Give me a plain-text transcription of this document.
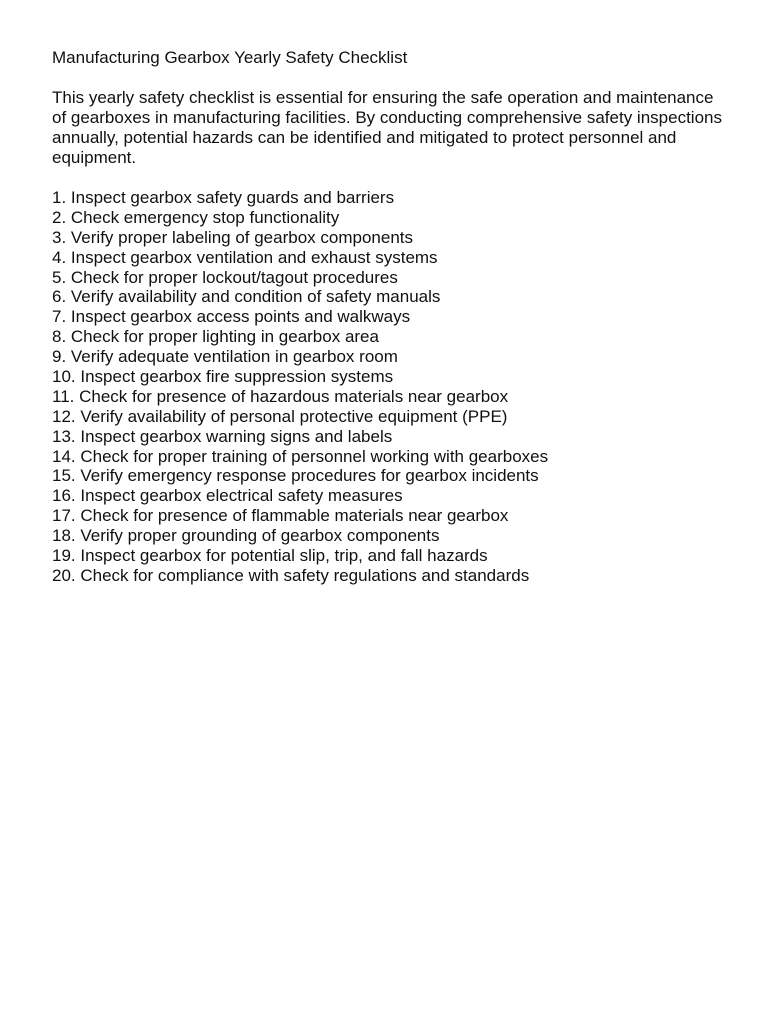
Manufacturing Gearbox Yearly Safety Checklist

This yearly safety checklist is essential for ensuring the safe operation and maintenance of gearboxes in manufacturing facilities. By conducting comprehensive safety inspections annually, potential hazards can be identified and mitigated to protect personnel and equipment.

1. Inspect gearbox safety guards and barriers
2. Check emergency stop functionality
3. Verify proper labeling of gearbox components
4. Inspect gearbox ventilation and exhaust systems
5. Check for proper lockout/tagout procedures
6. Verify availability and condition of safety manuals
7. Inspect gearbox access points and walkways
8. Check for proper lighting in gearbox area
9. Verify adequate ventilation in gearbox room
10. Inspect gearbox fire suppression systems
11. Check for presence of hazardous materials near gearbox
12. Verify availability of personal protective equipment (PPE)
13. Inspect gearbox warning signs and labels
14. Check for proper training of personnel working with gearboxes
15. Verify emergency response procedures for gearbox incidents
16. Inspect gearbox electrical safety measures
17. Check for presence of flammable materials near gearbox
18. Verify proper grounding of gearbox components
19. Inspect gearbox for potential slip, trip, and fall hazards
20. Check for compliance with safety regulations and standards
